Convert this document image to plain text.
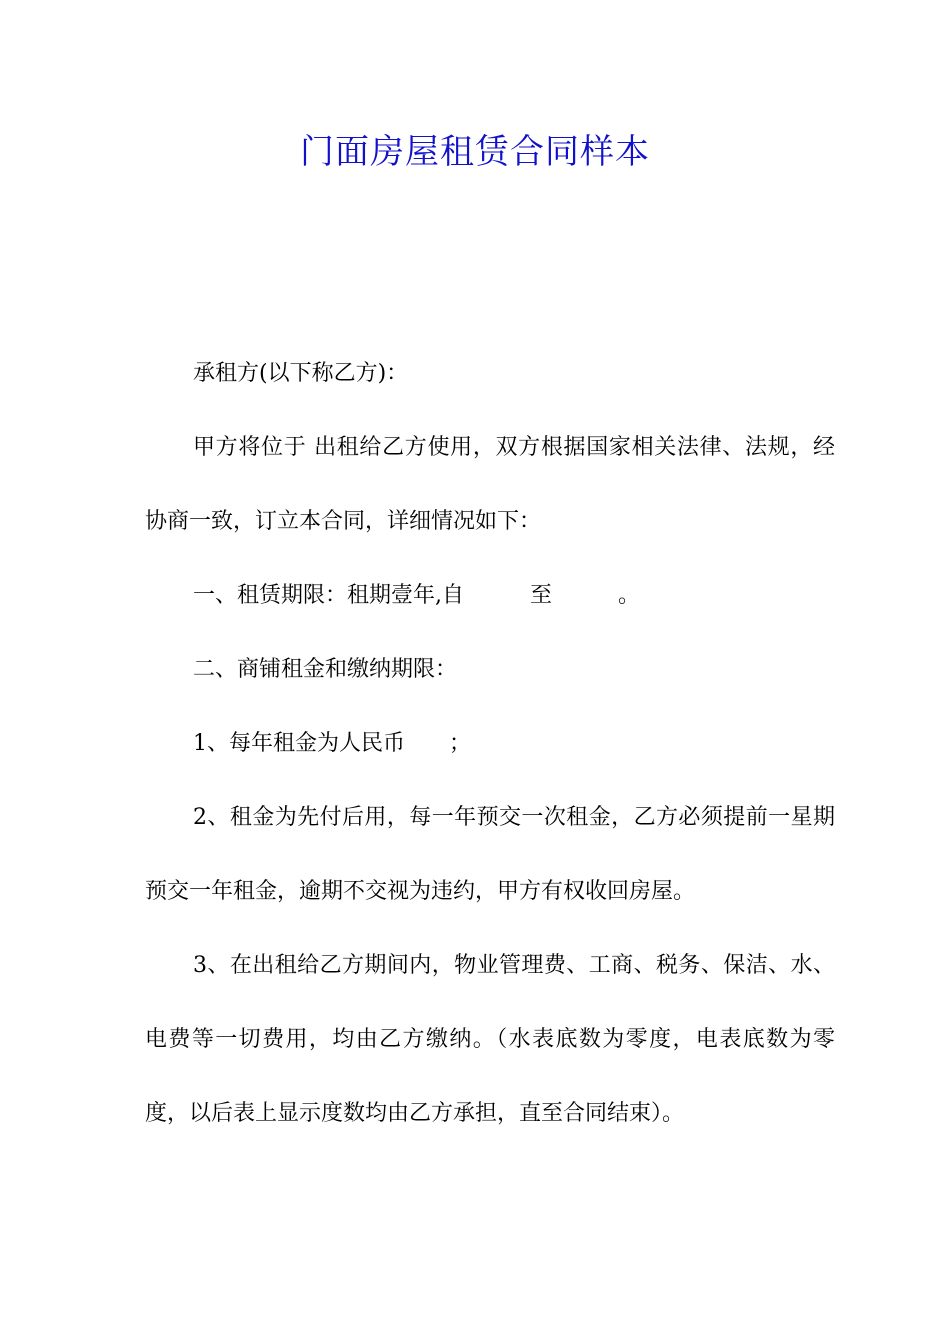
门面房屋租赁合同样本

承租方(以下称乙方)：

甲方将位于 出租给乙方使用，双方根据国家相关法律、法规，经协商一致，订立本合同，详细情况如下：

一、租赁期限：租期壹年,自　　　至　　　。

二、商铺租金和缴纳期限：

1、每年租金为人民币　　；

2、租金为先付后用，每一年预交一次租金，乙方必须提前一星期预交一年租金，逾期不交视为违约，甲方有权收回房屋。

3、在出租给乙方期间内，物业管理费、工商、税务、保洁、水、电费等一切费用，均由乙方缴纳。（水表底数为零度，电表底数为零度，以后表上显示度数均由乙方承担，直至合同结束）。
